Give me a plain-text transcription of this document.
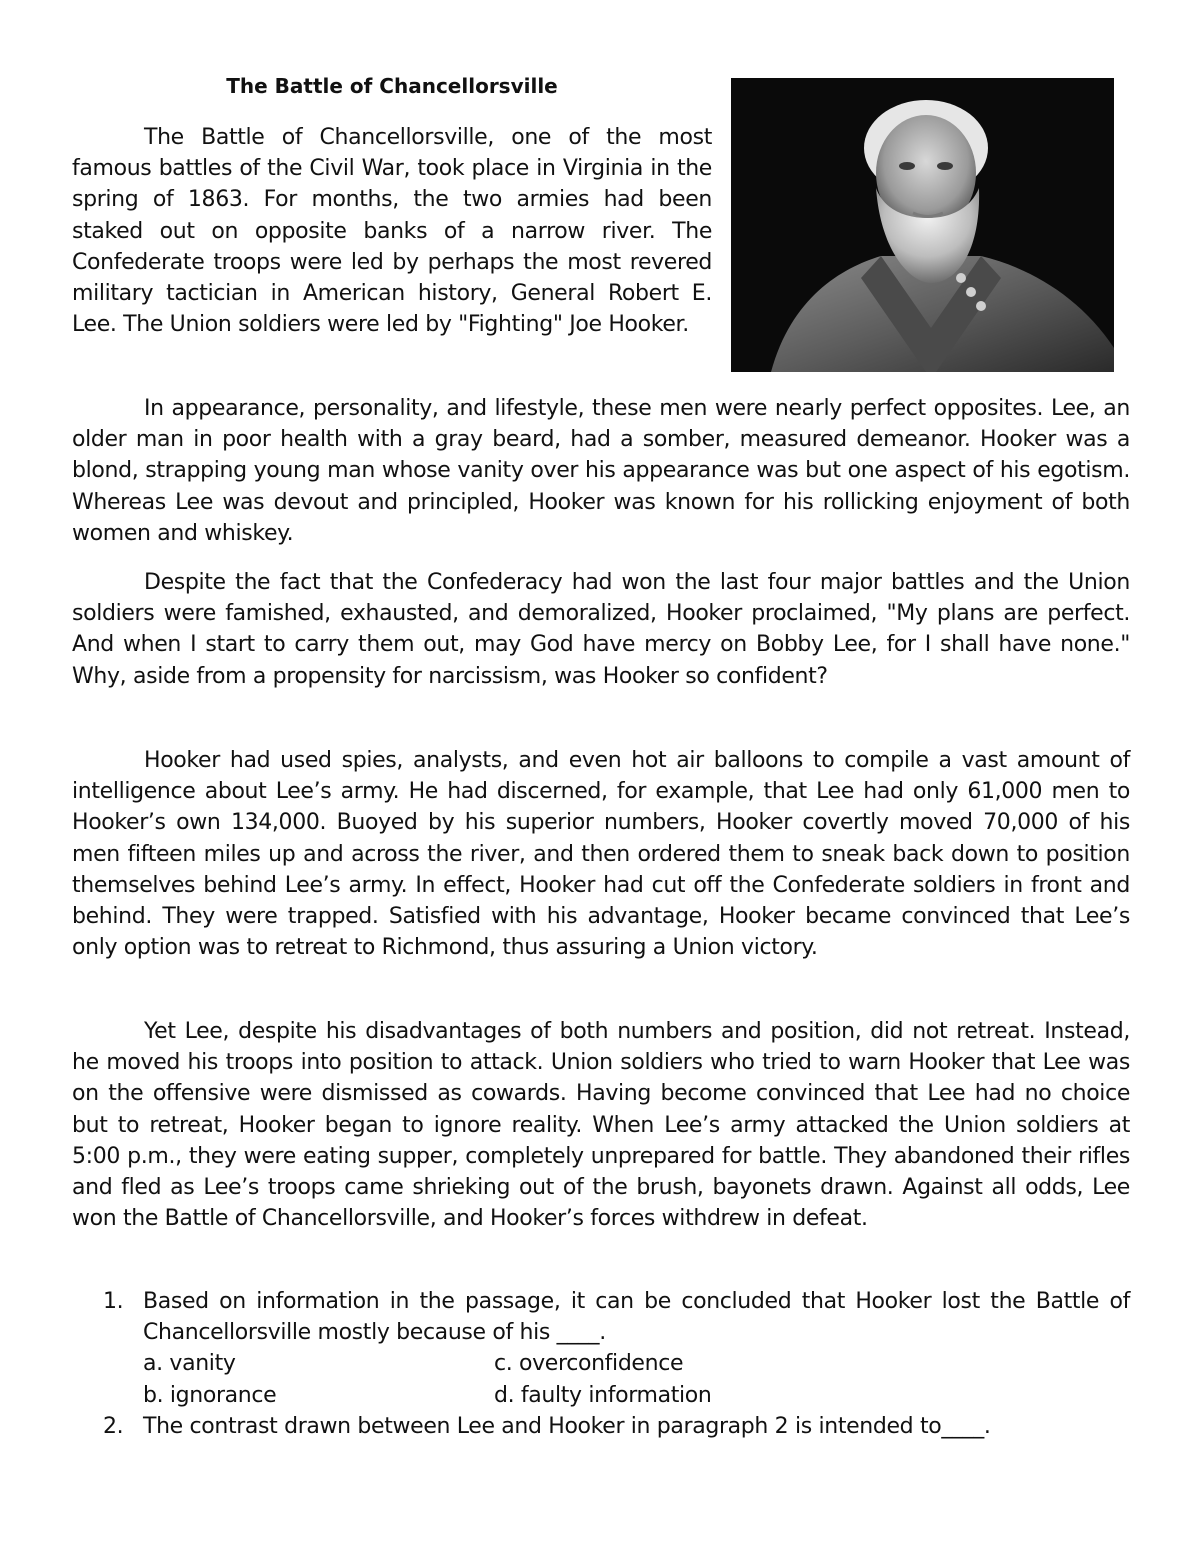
The Battle of Chancellorsville

The Battle of Chancellorsville, one of the most famous battles of the Civil War, took place in Virginia in the spring of 1863. For months, the two armies had been staked out on opposite banks of a narrow river. The Confederate troops were led by perhaps the most revered military tactician in American history, General Robert E. Lee. The Union soldiers were led by "Fighting" Joe Hooker.

In appearance, personality, and lifestyle, these men were nearly perfect opposites. Lee, an older man in poor health with a gray beard, had a somber, measured demeanor. Hooker was a blond, strapping young man whose vanity over his appearance was but one aspect of his egotism. Whereas Lee was devout and principled, Hooker was known for his rollicking enjoyment of both women and whiskey.

Despite the fact that the Confederacy had won the last four major battles and the Union soldiers were famished, exhausted, and demoralized, Hooker proclaimed, "My plans are perfect. And when I start to carry them out, may God have mercy on Bobby Lee, for I shall have none." Why, aside from a propensity for narcissism, was Hooker so confident?

Hooker had used spies, analysts, and even hot air balloons to compile a vast amount of intelligence about Lee’s army. He had discerned, for example, that Lee had only 61,000 men to Hooker’s own 134,000. Buoyed by his superior numbers, Hooker covertly moved 70,000 of his men fifteen miles up and across the river, and then ordered them to sneak back down to position themselves behind Lee’s army. In effect, Hooker had cut off the Confederate soldiers in front and behind. They were trapped. Satisfied with his advantage, Hooker became convinced that Lee’s only option was to retreat to Richmond, thus assuring a Union victory.

Yet Lee, despite his disadvantages of both numbers and position, did not retreat. Instead, he moved his troops into position to attack. Union soldiers who tried to warn Hooker that Lee was on the offensive were dismissed as cowards. Having become convinced that Lee had no choice but to retreat, Hooker began to ignore reality. When Lee’s army attacked the Union soldiers at 5:00 p.m., they were eating supper, completely unprepared for battle. They abandoned their rifles and fled as Lee’s troops came shrieking out of the brush, bayonets drawn. Against all odds, Lee won the Battle of Chancellorsville, and Hooker’s forces withdrew in defeat.

1. Based on information in the passage, it can be concluded that Hooker lost the Battle of Chancellorsville mostly because of his ____.
a. vanity	c. overconfidence
b. ignorance	d. faulty information
2. The contrast drawn between Lee and Hooker in paragraph 2 is intended to____.
